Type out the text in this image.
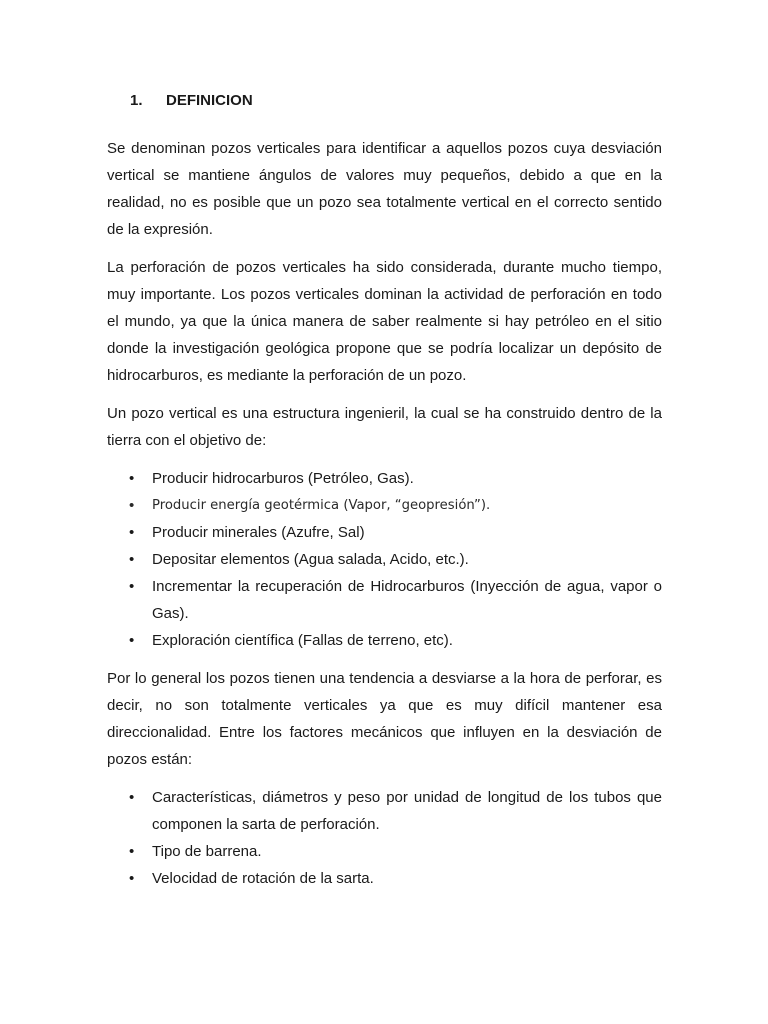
1.	DEFINICION

Se denominan pozos verticales para identificar a aquellos pozos cuya desviación vertical se mantiene ángulos de valores muy pequeños, debido a que en la realidad, no es posible que un pozo sea totalmente vertical en el correcto sentido de la expresión.

La perforación de pozos verticales ha sido considerada, durante mucho tiempo, muy importante. Los pozos verticales dominan la actividad de perforación en todo el mundo, ya que la única manera de saber realmente si hay petróleo en el sitio donde la investigación geológica propone que se podría localizar un depósito de hidrocarburos, es mediante la perforación de un pozo.

Un pozo vertical es una estructura ingenieril, la cual se ha construido dentro de la tierra con el objetivo de:

• Producir hidrocarburos (Petróleo, Gas).
• Producir energía geotérmica (Vapor, “geopresión”).
• Producir minerales (Azufre, Sal)
• Depositar elementos (Agua salada, Acido, etc.).
• Incrementar la recuperación de Hidrocarburos (Inyección de agua, vapor o Gas).
• Exploración científica (Fallas de terreno, etc).

Por lo general los pozos tienen una tendencia a desviarse a la hora de perforar, es decir, no son totalmente verticales ya que es muy difícil mantener esa direccionalidad. Entre los factores mecánicos que influyen en la desviación de pozos están:

• Características, diámetros y peso por unidad de longitud de los tubos que componen la sarta de perforación.
• Tipo de barrena.
• Velocidad de rotación de la sarta.
